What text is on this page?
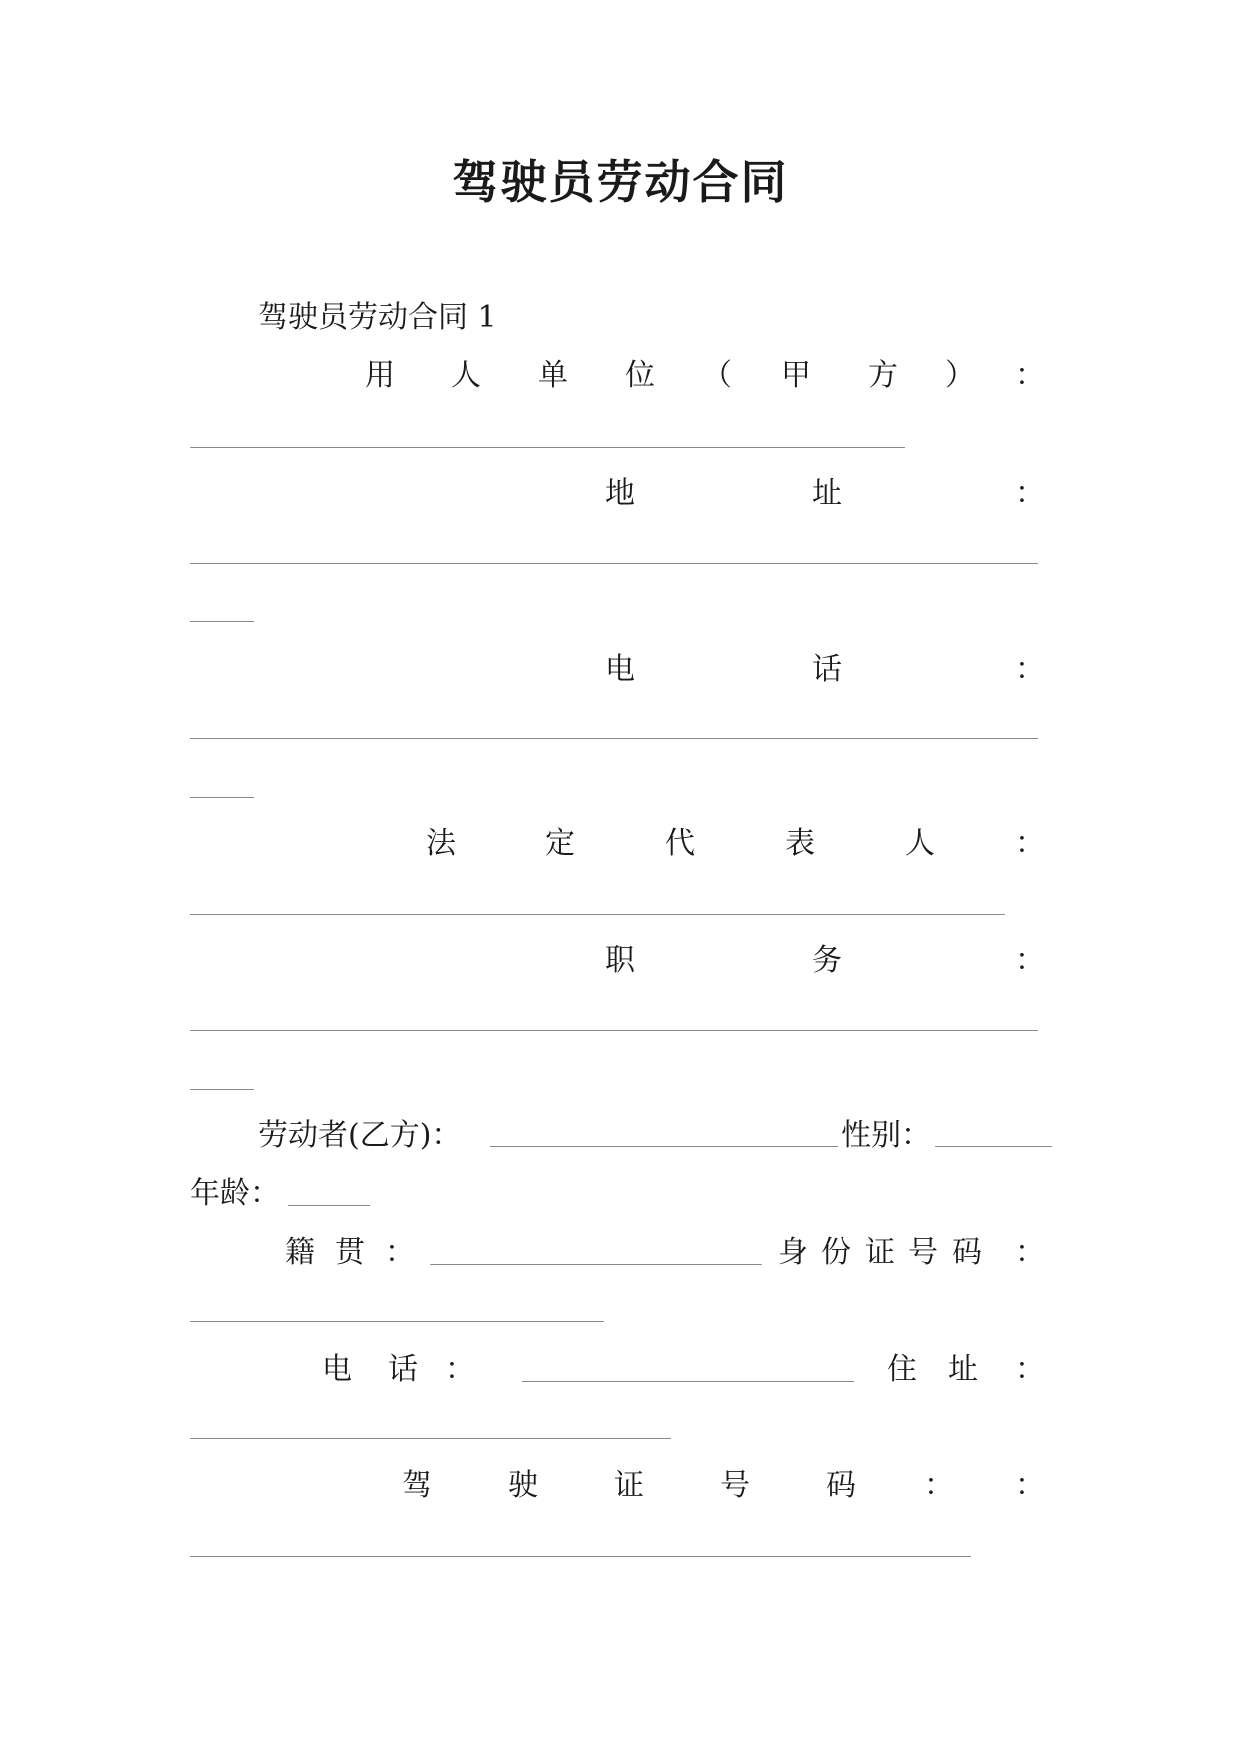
驾驶员劳动合同
驾驶员劳动合同 1
用 人 单 位 （ 甲 方 ） ：
地	址	：
电	话	：
法	定	代	表	人	：
职	务	：
劳动者(乙方)：	性别：
年龄：
籍 贯 ：	身 份 证 号 码 ：
电 话 ：	住 址 ：
驾	驶	证	号	码 ： ：
